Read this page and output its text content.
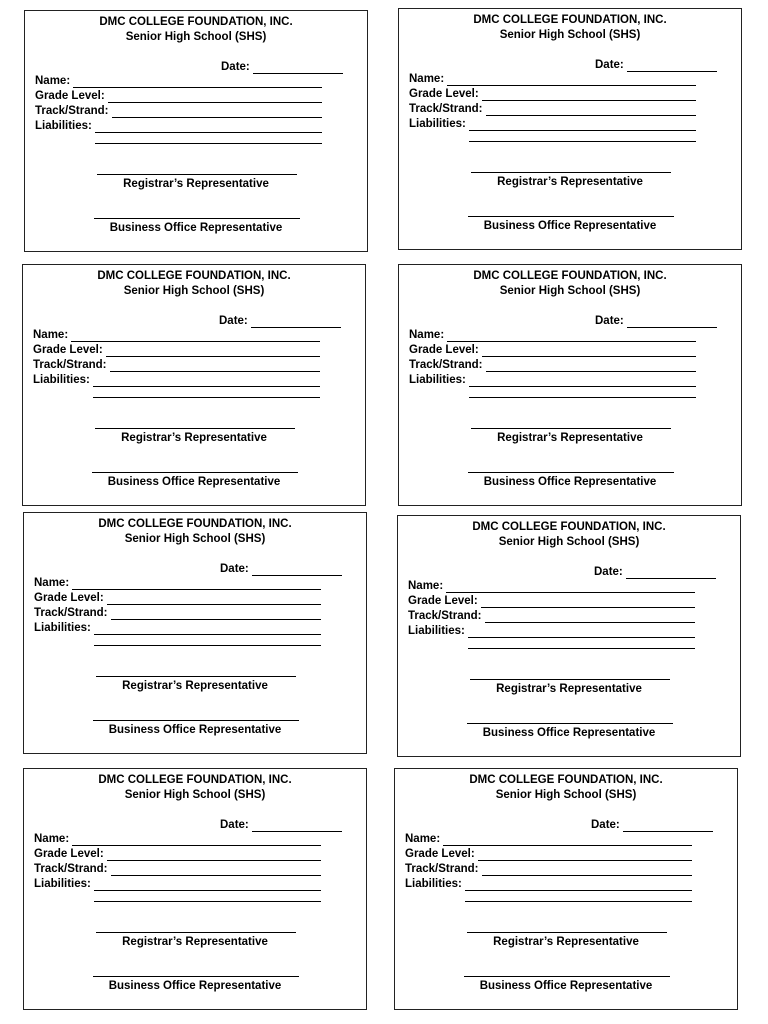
DMC COLLEGE FOUNDATION, INC.
Senior High School (SHS)
Date:
Name:
Grade Level:
Track/Strand:
Liabilities:
Registrar’s Representative
Business Office Representative
DMC COLLEGE FOUNDATION, INC.
Senior High School (SHS)
Date:
Name:
Grade Level:
Track/Strand:
Liabilities:
Registrar’s Representative
Business Office Representative
DMC COLLEGE FOUNDATION, INC.
Senior High School (SHS)
Date:
Name:
Grade Level:
Track/Strand:
Liabilities:
Registrar’s Representative
Business Office Representative
DMC COLLEGE FOUNDATION, INC.
Senior High School (SHS)
Date:
Name:
Grade Level:
Track/Strand:
Liabilities:
Registrar’s Representative
Business Office Representative
DMC COLLEGE FOUNDATION, INC.
Senior High School (SHS)
Date:
Name:
Grade Level:
Track/Strand:
Liabilities:
Registrar’s Representative
Business Office Representative
DMC COLLEGE FOUNDATION, INC.
Senior High School (SHS)
Date:
Name:
Grade Level:
Track/Strand:
Liabilities:
Registrar’s Representative
Business Office Representative
DMC COLLEGE FOUNDATION, INC.
Senior High School (SHS)
Date:
Name:
Grade Level:
Track/Strand:
Liabilities:
Registrar’s Representative
Business Office Representative
DMC COLLEGE FOUNDATION, INC.
Senior High School (SHS)
Date:
Name:
Grade Level:
Track/Strand:
Liabilities:
Registrar’s Representative
Business Office Representative
